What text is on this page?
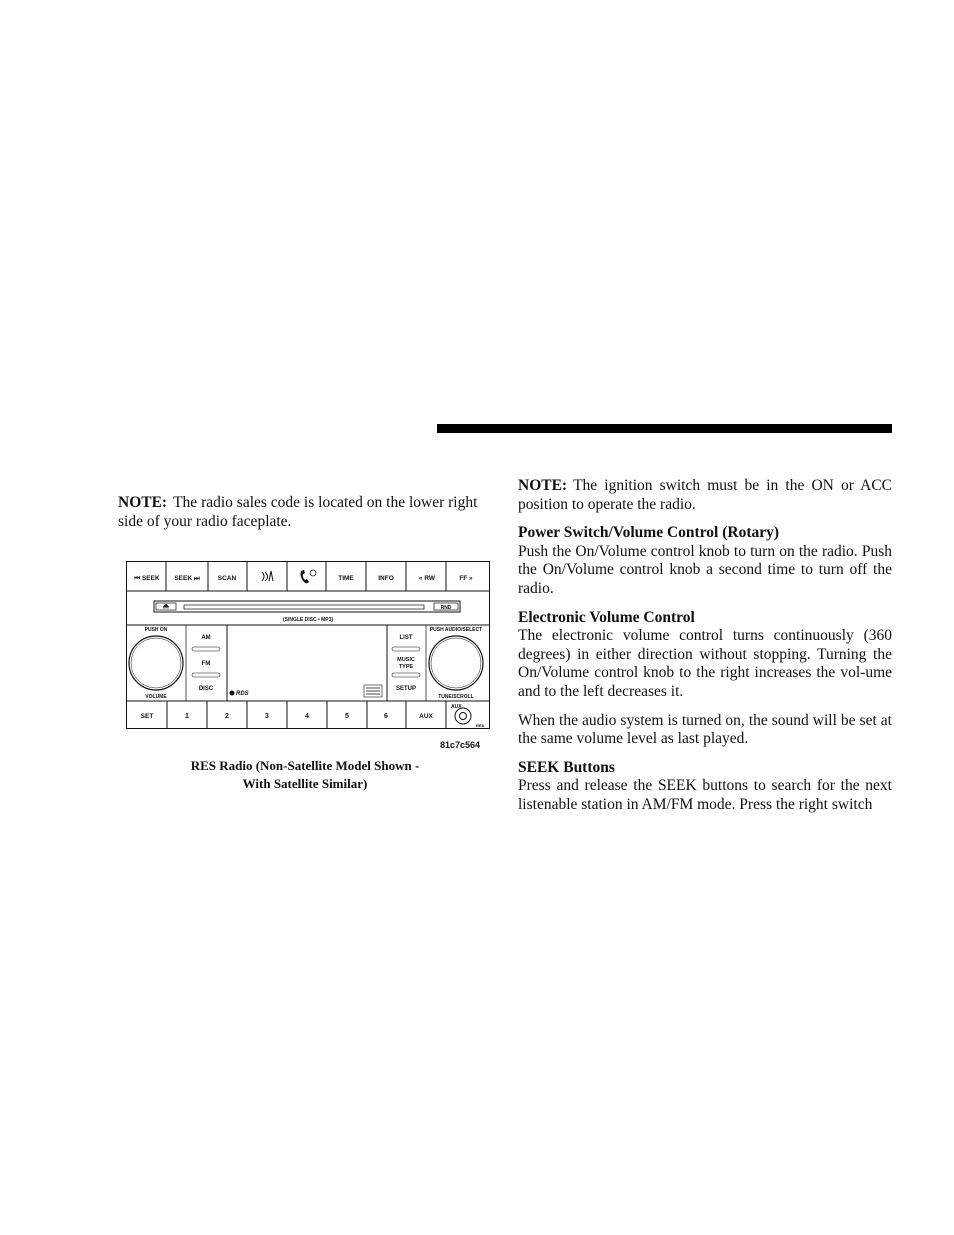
NOTE: The radio sales code is located on the lower right side of your radio faceplate.

⏮ SEEK SEEK ⏭	SCAN	TIME	INFO	« RW	FF »
RND
(SINGLE DISC • MP3)
PUSH ON
VOLUME
AM
FM
DISC
RDS
LIST
MUSIC
TYPE
SETUP
PUSH AUDIO/SELECT
TUNE/SCROLL
SET	1	2	3	4	5	6	AUX
AUX
RES
81c7c564
RES Radio (Non-Satellite Model Shown -
With Satellite Similar)
NOTE: The ignition switch must be in the ON or ACC position to operate the radio.
Power Switch/Volume Control (Rotary)

Push the On/Volume control knob to turn on the radio. Push the On/Volume control knob a second time to turn off the radio.

Electronic Volume Control

The electronic volume control turns continuously (360 degrees) in either direction without stopping. Turning the On/Volume control knob to the right increases the vol-ume and to the left decreases it.

When the audio system is turned on, the sound will be set at the same volume level as last played.

SEEK Buttons

Press and release the SEEK buttons to search for the next listenable station in AM/FM mode. Press the right switch
